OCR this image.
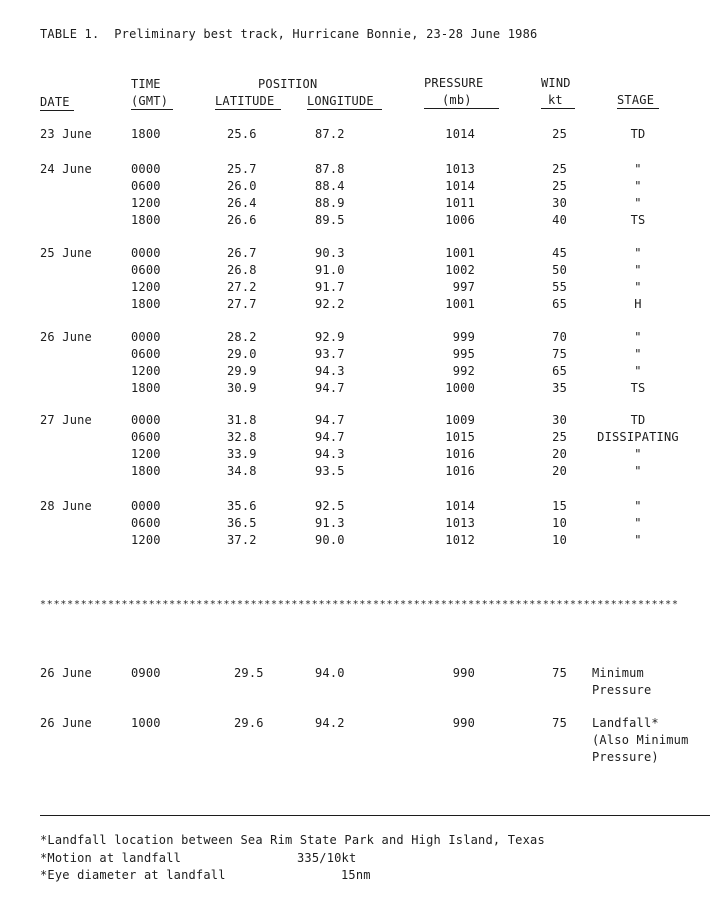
TABLE 1.  Preliminary best track, Hurricane Bonnie, 23-28 June 1986
TIME	POSITION	PRESSURE	WIND
DATE	(GMT)	LATITUDE	LONGITUDE	(mb)	kt	STAGE
23 June	1800	25.6	87.2	1014	25	TD
24 June	0000	25.7	87.8	1013	25	"
0600	26.0	88.4	1014	25	"
1200	26.4	88.9	1011	30	"
1800	26.6	89.5	1006	40	TS
25 June	0000	26.7	90.3	1001	45	"
0600	26.8	91.0	1002	50	"
1200	27.2	91.7	997	55	"
1800	27.7	92.2	1001	65	H
26 June	0000	28.2	92.9	999	70	"
0600	29.0	93.7	995	75	"
1200	29.9	94.3	992	65	"
1800	30.9	94.7	1000	35	TS
27 June	0000	31.8	94.7	1009	30	TD
0600	32.8	94.7	1015	25	DISSIPATING
1200	33.9	94.3	1016	20	"
1800	34.8	93.5	1016	20	"
28 June	0000	35.6	92.5	1014	15	"
0600	36.5	91.3	1013	10	"
1200	37.2	90.0	1012	10	"
**********************************************************************************************
26 June	0900	29.5	94.0	990	75 Minimum
Pressure
26 June	1000	29.6	94.2	990	75 Landfall*
(Also Minimum
Pressure)
*Landfall location between Sea Rim State Park and High Island, Texas
*Motion at landfall	335/10kt
*Eye diameter at landfall	15nm
